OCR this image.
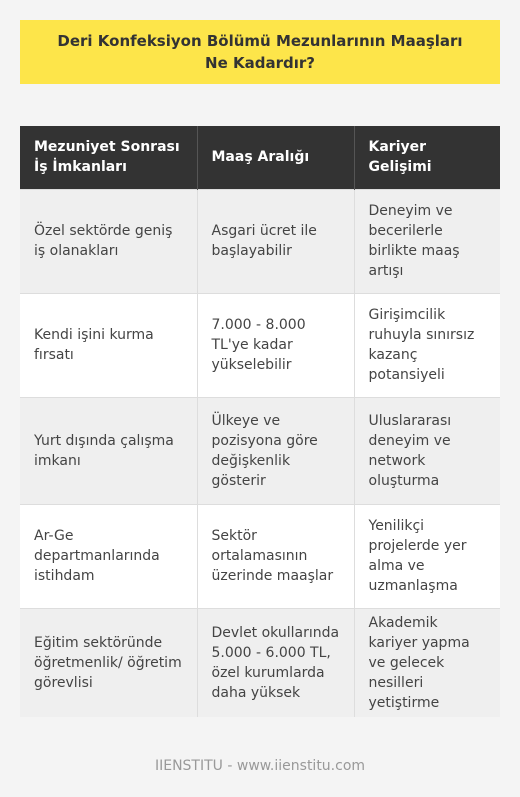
Deri Konfeksiyon Bölümü Mezunlarının Maaşları Ne Kadardır?
Mezuniyet Sonrası İş İmkanları	Maaş Aralığı	Kariyer Gelişimi
Özel sektörde geniş iş olanakları	Asgari ücret ile başlayabilir	Deneyim ve becerilerle birlikte maaş artışı
Kendi işini kurma fırsatı	7.000 - 8.000 TL'ye kadar yükselebilir	Girişimcilik ruhuyla sınırsız kazanç potansiyeli
Yurt dışında çalışma imkanı	Ülkeye ve pozisyona göre değişkenlik gösterir	Uluslararası deneyim ve network oluşturma
Ar-Ge departmanlarında istihdam	Sektör ortalamasının üzerinde maaşlar	Yenilikçi projelerde yer alma ve uzmanlaşma
Eğitim sektöründe öğretmenlik/ öğretim görevlisi	Devlet okullarında 5.000 - 6.000 TL, özel kurumlarda daha yüksek	Akademik kariyer yapma ve gelecek nesilleri yetiştirme
IIENSTITU - www.iienstitu.com
